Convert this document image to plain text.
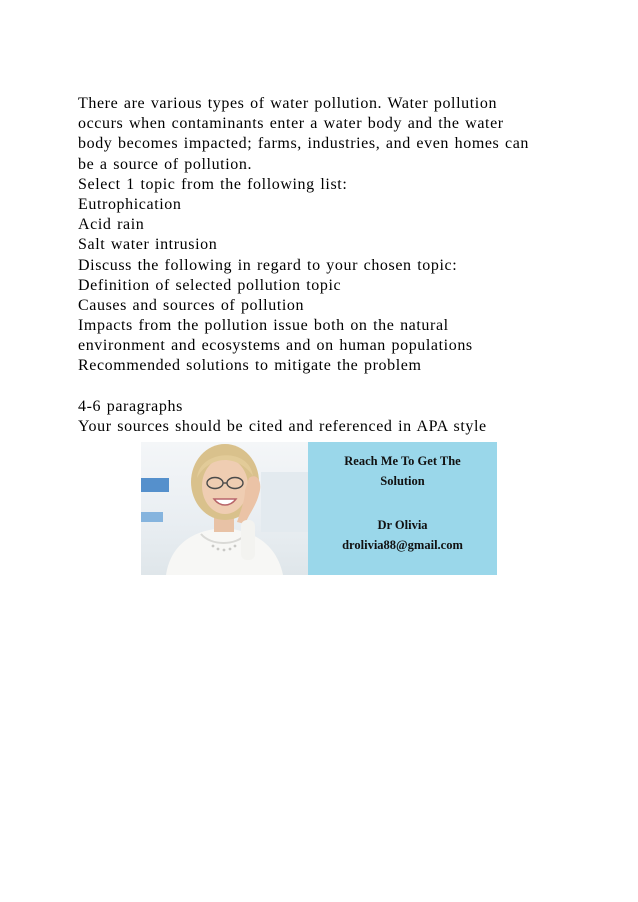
There are various types of water pollution. Water pollution
occurs when contaminants enter a water body and the water
body becomes impacted; farms, industries, and even homes can
be a source of pollution.
Select 1 topic from the following list:
Eutrophication
Acid rain
Salt water intrusion
Discuss the following in regard to your chosen topic:
Definition of selected pollution topic
Causes and sources of pollution
Impacts from the pollution issue both on the natural
environment and ecosystems and on human populations
Recommended solutions to mitigate the problem
4-6 paragraphs
Your sources should be cited and referenced in APA style
Reach Me To Get The
Solution
Dr Olivia
drolivia88@gmail.com
